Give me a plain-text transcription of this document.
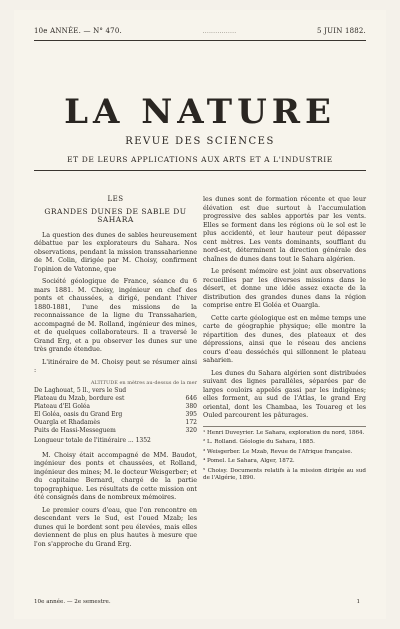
10e ANNÉE. — N° 470.	................	5 JUIN 1882.
LA NATURE
REVUE DES SCIENCES
ET DE LEURS APPLICATIONS AUX ARTS ET A L'INDUSTRIE
LES
GRANDES DUNES DE SABLE DU SAHARA

La question des dunes de sables heureusement débattue par les explorateurs du Sahara. Nos observations, pendant la mission transsaharienne de M. Colin, dirigée par M. Choisy, confirment l'opinion de Vatonne, que

Société géologique de France, séance du 6 mars 1881. M. Choisy, ingénieur en chef des ponts et chaussées, a dirigé, pendant l'hiver 1880-1881, l'une des missions de la reconnaissance de la ligne du Transsaharien, accompagné de M. Rolland, ingénieur des mines, et de quelques collaborateurs. Il a traversé le Grand Erg, et a pu observer les dunes sur une très grande étendue.

L'itinéraire de M. Choisy peut se résumer ainsi :

ALTITUDE en mètres au-dessus de la mer
De Laghouat, 5 ll., vers le Sud
Plateau du Mzab, bordure est	646
Plateau d'El Goléa	380
El Goléa, oasis du Grand Erg	395
Ouargla et Rhadamès	172
Puits de Hassi-Messeguem	320
Longueur totale de l'itinéraire ... 1352

M. Choisy était accompagné de MM. Baudot, ingénieur des ponts et chaussées, et Rolland, ingénieur des mines; M. le docteur Weisgerber; et du capitaine Bernard, chargé de la partie topographique. Les résultats de cette mission ont été consignés dans de nombreux mémoires.

Le premier cours d'eau, que l'on rencontre en descendant vers le Sud, est l'oued Mzab; les dunes qui le bordent sont peu élevées, mais elles deviennent de plus en plus hautes à mesure que l'on s'approche du Grand Erg.

les dunes sont de formation récente et que leur élévation est due surtout à l'accumulation progressive des sables apportés par les vents. Elles se forment dans les régions où le sol est le plus accidenté, et leur hauteur peut dépasser cent mètres. Les vents dominants, soufflant du nord-est, déterminent la direction générale des chaînes de dunes dans tout le Sahara algérien.

Le présent mémoire est joint aux observations recueillies par les diverses missions dans le désert, et donne une idée assez exacte de la distribution des grandes dunes dans la région comprise entre El Goléa et Ouargla.

Cette carte géologique est en même temps une carte de géographie physique; elle montre la répartition des dunes, des plateaux et des dépressions, ainsi que le réseau des anciens cours d'eau desséchés qui sillonnent le plateau saharien.

Les dunes du Sahara algérien sont distribuées suivant des lignes parallèles, séparées par de larges couloirs appelés gassi par les indigènes; elles forment, au sud de l'Atlas, le grand Erg oriental, dont les Chambaa, les Touareg et les Ouled parcourent les pâturages.

¹ Henri Duveyrier. Le Sahara, exploration du nord, 1864.
² L. Rolland. Géologie du Sahara, 1885.
³ Weisgerber. Le Mzab, Revue de l'Afrique française.
⁴ Pomel. Le Sahara, Alger, 1872.
⁵ Choisy. Documents relatifs à la mission dirigée au sud de l'Algérie, 1890.
10e année. — 2e semestre.	1
